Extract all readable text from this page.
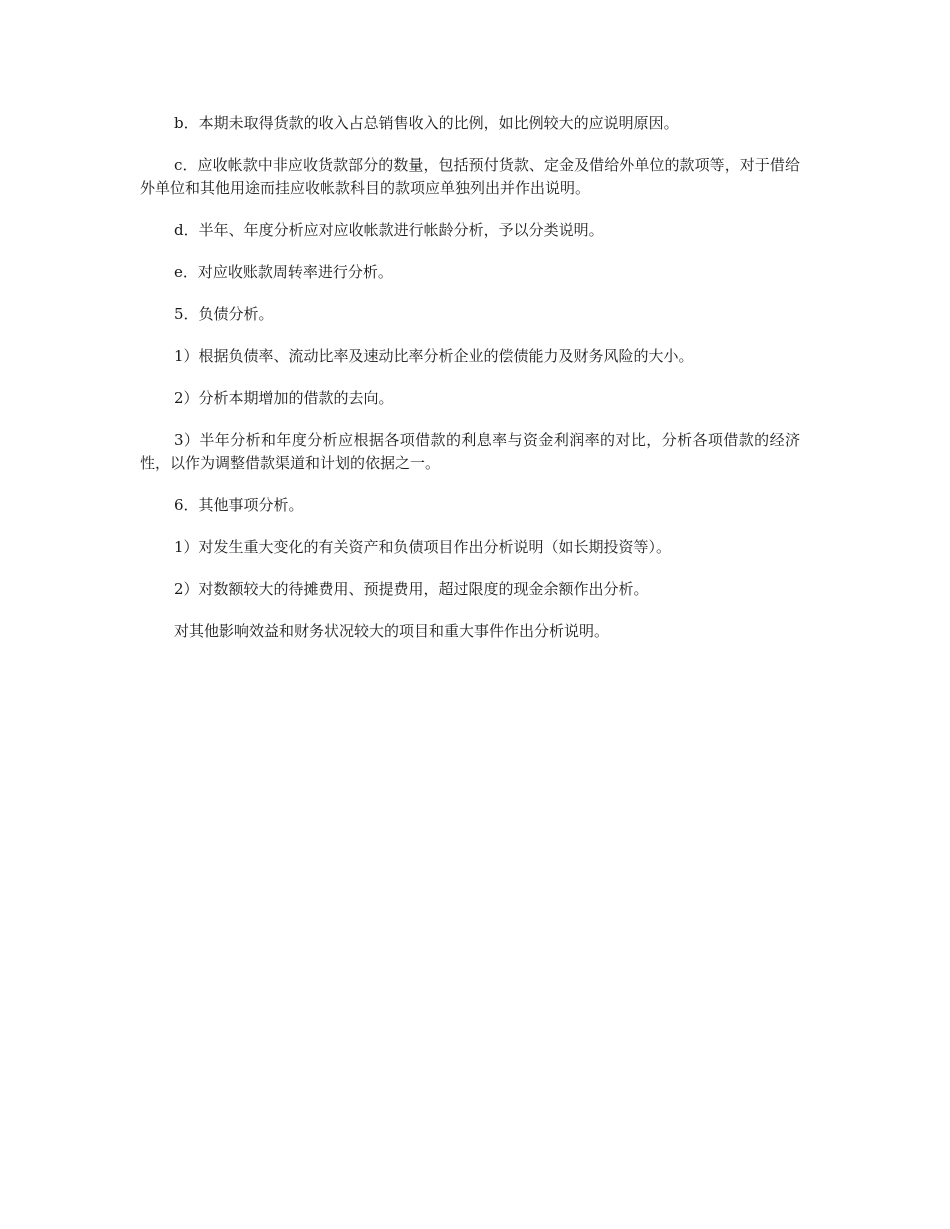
b．本期未取得货款的收入占总销售收入的比例，如比例较大的应说明原因。

c．应收帐款中非应收货款部分的数量，包括预付货款、定金及借给外单位的款项等，对于借给外单位和其他用途而挂应收帐款科目的款项应单独列出并作出说明。

d．半年、年度分析应对应收帐款进行帐龄分析，予以分类说明。

e．对应收账款周转率进行分析。

5．负债分析。

1）根据负债率、流动比率及速动比率分析企业的偿债能力及财务风险的大小。

2）分析本期增加的借款的去向。

3）半年分析和年度分析应根据各项借款的利息率与资金利润率的对比，分析各项借款的经济性，以作为调整借款渠道和计划的依据之一。

6．其他事项分析。

1）对发生重大变化的有关资产和负债项目作出分析说明（如长期投资等）。

2）对数额较大的待摊费用、预提费用，超过限度的现金余额作出分析。

对其他影响效益和财务状况较大的项目和重大事件作出分析说明。
